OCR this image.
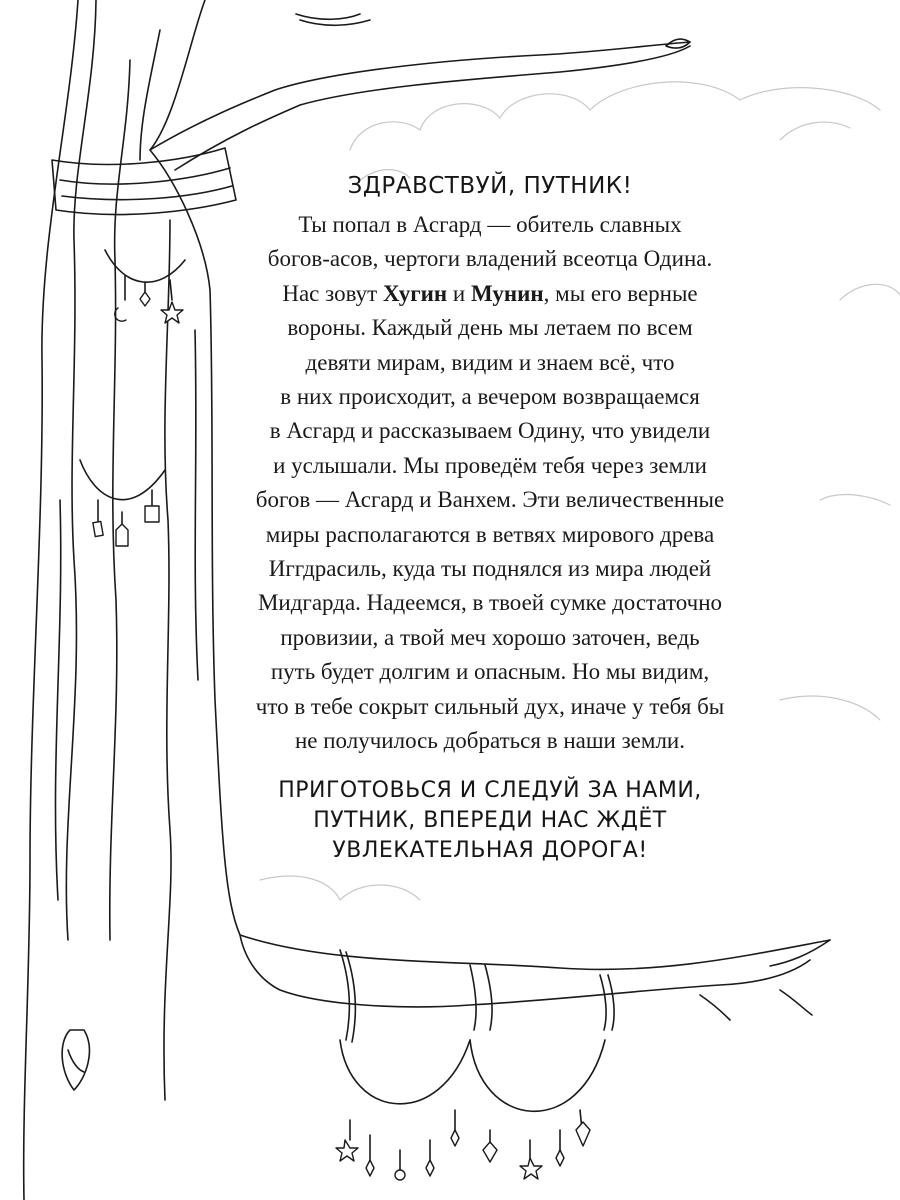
ЗДРАВСТВУЙ, ПУТНИК!
Ты попал в Асгард — обитель славных
богов-асов, чертоги владений всеотца Одина.
Нас зовут Хугин и Мунин, мы его верные
вороны. Каждый день мы летаем по всем
девяти мирам, видим и знаем всё, что
в них происходит, а вечером возвращаемся
в Асгард и рассказываем Одину, что увидели
и услышали. Мы проведём тебя через земли
богов — Асгард и Ванхем. Эти величественные
миры располагаются в ветвях мирового древа
Иггдрасиль, куда ты поднялся из мира людей
Мидгарда. Надеемся, в твоей сумке достаточно
провизии, а твой меч хорошо заточен, ведь
путь будет долгим и опасным. Но мы видим,
что в тебе сокрыт сильный дух, иначе у тебя бы
не получилось добраться в наши земли.
ПРИГОТОВЬСЯ И СЛЕДУЙ ЗА НАМИ,
ПУТНИК, ВПЕРЕДИ НАС ЖДЁТ
УВЛЕКАТЕЛЬНАЯ ДОРОГА!
